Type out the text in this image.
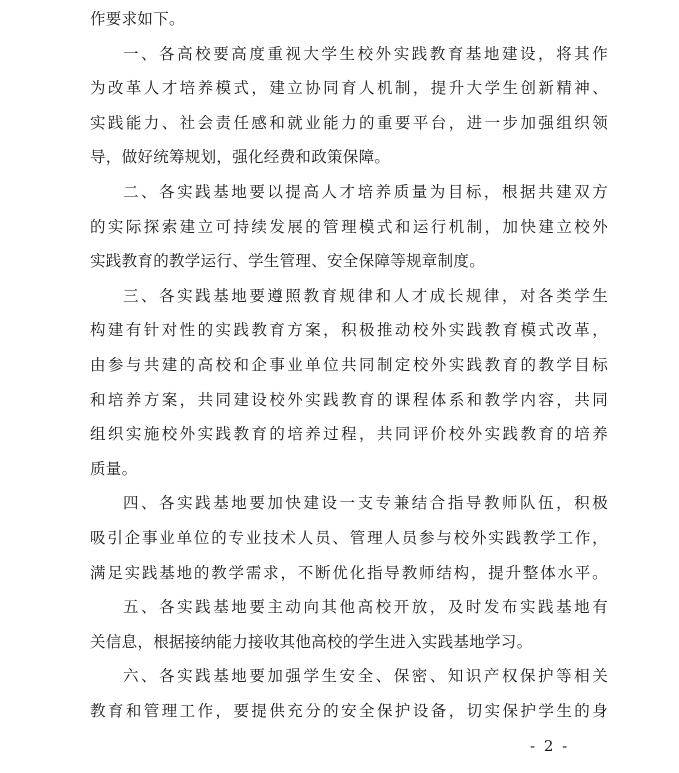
作要求如下。
一、各高校要高度重视大学生校外实践教育基地建设，将其作
为改革人才培养模式，建立协同育人机制，提升大学生创新精神、
实践能力、社会责任感和就业能力的重要平台，进一步加强组织领
导，做好统筹规划，强化经费和政策保障。
二、各实践基地要以提高人才培养质量为目标，根据共建双方
的实际探索建立可持续发展的管理模式和运行机制，加快建立校外
实践教育的教学运行、学生管理、安全保障等规章制度。
三、各实践基地要遵照教育规律和人才成长规律，对各类学生
构建有针对性的实践教育方案，积极推动校外实践教育模式改革，
由参与共建的高校和企事业单位共同制定校外实践教育的教学目标
和培养方案，共同建设校外实践教育的课程体系和教学内容，共同
组织实施校外实践教育的培养过程，共同评价校外实践教育的培养
质量。
四、各实践基地要加快建设一支专兼结合指导教师队伍，积极
吸引企事业单位的专业技术人员、管理人员参与校外实践教学工作，
满足实践基地的教学需求，不断优化指导教师结构，提升整体水平。
五、各实践基地要主动向其他高校开放，及时发布实践基地有
关信息，根据接纳能力接收其他高校的学生进入实践基地学习。
六、各实践基地要加强学生安全、保密、知识产权保护等相关
教育和管理工作，要提供充分的安全保护设备，切实保护学生的身
- 2 -
